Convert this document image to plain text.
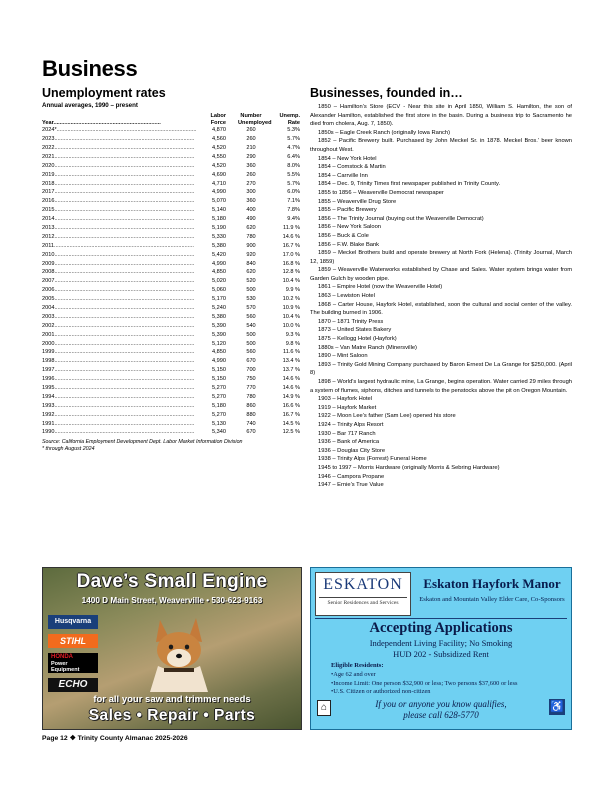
Business
Unemployment rates
Annual averages, 1990 – present
Year.....................................................................
Labor
Force
Number
Unemployed
Unemp.
Rate
2024*..........................................................................................	4,870	260	5.3%
2023..........................................................................................	4,560	260	5.7%
2022..........................................................................................	4,520	210	4.7%
2021..........................................................................................	4,550	290	6.4%
2020..........................................................................................	4,520	360	8.0%
2019..........................................................................................	4,690	260	5.5%
2018..........................................................................................	4,710	270	5.7%
2017..........................................................................................	4,990	300	6.0%
2016..........................................................................................	5,070	360	7.1%
2015..........................................................................................	5,140	400	7.8%
2014..........................................................................................	5,180	490	9.4%
2013..........................................................................................	5,190	620	11.9 %
2012..........................................................................................	5,330	780	14.6 %
2011..........................................................................................	5,380	900	16.7 %
2010..........................................................................................	5,420	920	17.0 %
2009..........................................................................................	4,990	840	16.8 %
2008..........................................................................................	4,850	620	12.8 %
2007..........................................................................................	5,020	520	10.4 %
2006..........................................................................................	5,060	500	9.9 %
2005..........................................................................................	5,170	530	10.2 %
2004..........................................................................................	5,240	570	10.9 %
2003..........................................................................................	5,380	560	10.4 %
2002..........................................................................................	5,390	540	10.0 %
2001..........................................................................................	5,390	500	9.3 %
2000..........................................................................................	5,120	500	9.8 %
1999..........................................................................................	4,850	560	11.6 %
1998..........................................................................................	4,990	670	13.4 %
1997..........................................................................................	5,150	700	13.7 %
1996..........................................................................................	5,150	750	14.6 %
1995..........................................................................................	5,270	770	14.6 %
1994..........................................................................................	5,270	780	14.9 %
1993..........................................................................................	5,180	860	16.6 %
1992..........................................................................................	5,270	880	16.7 %
1991..........................................................................................	5,130	740	14.5 %
1990..........................................................................................	5,340	670	12.5 %
Source: California Employment Development Dept. Labor Market Information Division
* through August 2024
Businesses, founded in…

1850 – Hamilton’s Store (ECV - Near this site in April 1850, William S. Hamilton, the son of Alexander Hamilton, established the first store in the basin. During a business trip to Sacramento he died from cholera, Aug. 7, 1850).

1850s – Eagle Creek Ranch (originally Iowa Ranch)

1852 – Pacific Brewery built. Purchased by John Meckel Sr. in 1878. Meckel Bros.’ beer known throughout West.

1854 – New York Hotel

1854 – Comstock & Martin

1854 – Carrville Inn

1854 – Dec. 9, Trinity Times first newspaper published in Trinity County.

1855 to 1856 – Weaverville Democrat newspaper

1855 – Weaverville Drug Store

1855 – Pacific Brewery

1856 – The Trinity Journal (buying out the Weaverville Democrat)

1856 – New York Saloon

1856 – Buck & Cole

1856 – F.W. Blake Bank

1859 – Meckel Brothers build and operate brewery at North Fork (Helena). (Trinity Journal, March 12, 1859)

1859 – Weaverville Waterworks established by Chase and Sales. Water system brings water from Garden Gulch by wooden pipe.

1861 – Empire Hotel (now the Weaverville Hotel)

1863 – Lewiston Hotel

1868 – Carter House, Hayfork Hotel, established, soon the cultural and social center of the valley. The building burned in 1906.

1870 – 1871 Trinity Press

1873 – United States Bakery

1875 – Kellogg Hotel (Hayfork)

1880s – Van Matre Ranch (Minersville)

1890 – Mint Saloon

1893 – Trinity Gold Mining Company purchased by Baron Ernest De La Grange for $250,000. (April 8)

1898 – World’s largest hydraulic mine, La Grange, begins operation. Water carried 29 miles through a system of flumes, siphons, ditches and tunnels to the penstocks above the pit on Oregon Mountain.

1903 – Hayfork Hotel

1919 – Hayfork Market

1922 – Moon Lee’s father (Sam Lee) opened his store

1924 – Trinity Alps Resort

1930 – Bar 717 Ranch

1936 – Bank of America

1936 – Douglas City Store

1938 – Trinity Alps (Forrest) Funeral Home

1945 to 1997 – Morris Hardware (originally Morris & Sebring Hardware)

1946 – Campora Propane

1947 – Ernie’s True Value

Dave’s Small Engine
1400 D Main Street, Weaverville • 530-623-9163
Husqvarna
STIHL
HONDA
Power
Equipment
ECHO
for all your saw and trimmer needs
Sales • Repair • Parts
ESKATON
Senior Residences and Services
Eskaton Hayfork Manor
Eskaton and Mountain Valley Elder Care, Co-Sponsors
Accepting Applications
Independent Living Facility; No Smoking
HUD 202 - Subsidized Rent
Eligible Residents:
• Age 62 and over
• Income Limit: One person $32,900 or less; Two persons $37,600 or less
• U.S. Citizen or authorized non-citizen
⌂	If you or anyone you know qualifies,
please call 628-5770
♿
Page 12 ❖ Trinity County Almanac 2025-2026
